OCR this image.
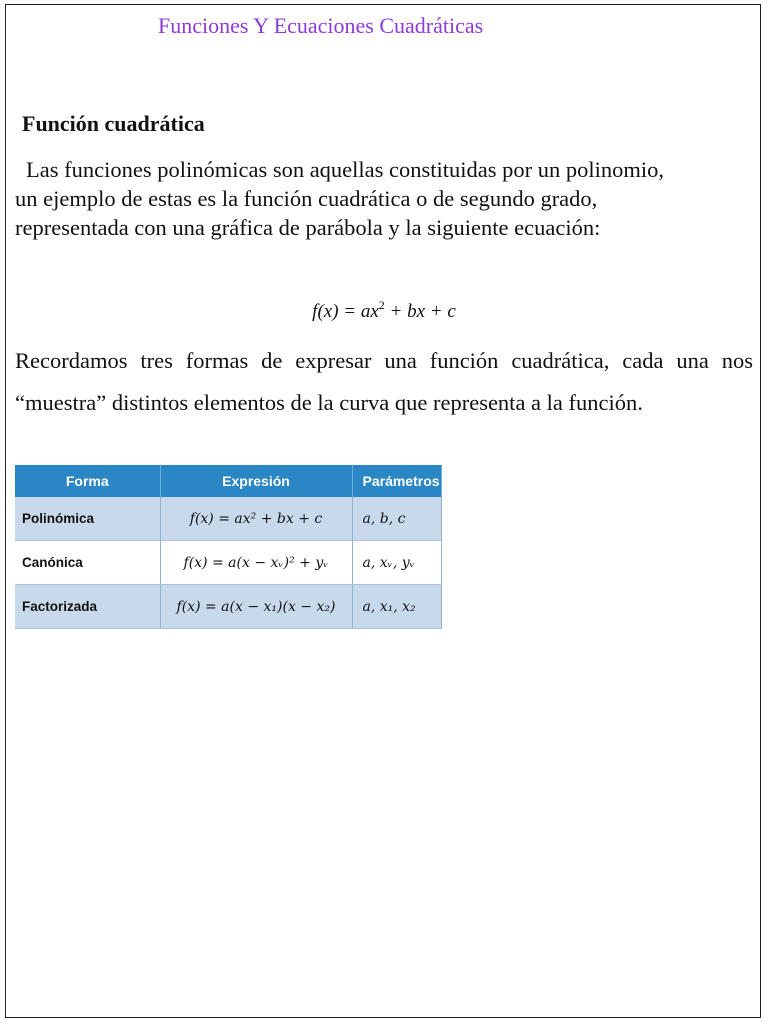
Funciones Y Ecuaciones Cuadráticas
Función cuadrática

Las funciones polinómicas son aquellas constituidas por un polinomio,
un ejemplo de estas es la función cuadrática o de segundo grado,
representada con una gráfica de parábola y la siguiente ecuación:

$f(x) = ax^2$ + bx + c

Recordamos tres formas de expresar una función cuadrática, cada una nos “muestra” distintos elementos de la curva que representa a la función.

Forma	Expresión	Parámetros
Polinómica	f(x) = ax² + bx + c	a, b, c
Canónica	f(x) = a(x − xᵥ)² + yᵥ	a, xᵥ, yᵥ
Factorizada	f(x) = a(x − x₁)(x − x₂)	a, x₁, x₂
